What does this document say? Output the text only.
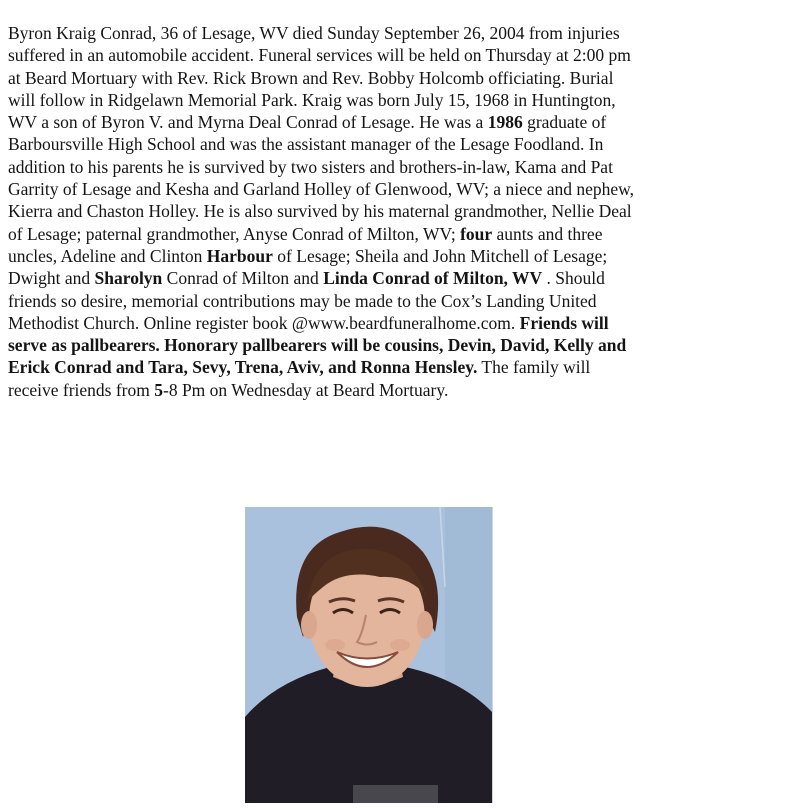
Byron Kraig Conrad, 36 of Lesage, WV died Sunday September 26, 2004 from injuries
suffered in an automobile accident. Funeral services will be held on Thursday at 2:00 pm
at Beard Mortuary with Rev. Rick Brown and Rev. Bobby Holcomb officiating. Burial
will follow in Ridgelawn Memorial Park. Kraig was born July 15, 1968 in Huntington,
WV a son of Byron V. and Myrna Deal Conrad of Lesage. He was a 1986 graduate of
Barboursville High School and was the assistant manager of the Lesage Foodland. In
addition to his parents he is survived by two sisters and brothers-in-law, Kama and Pat
Garrity of Lesage and Kesha and Garland Holley of Glenwood, WV; a niece and nephew,
Kierra and Chaston Holley. He is also survived by his maternal grandmother, Nellie Deal
of Lesage; paternal grandmother, Anyse Conrad of Milton, WV; four aunts and three
uncles, Adeline and Clinton Harbour of Lesage; Sheila and John Mitchell of Lesage;
Dwight and Sharolyn Conrad of Milton and Linda Conrad of Milton, WV . Should
friends so desire, memorial contributions may be made to the Cox’s Landing United
Methodist Church. Online register book @www.beardfuneralhome.com. Friends will
serve as pallbearers. Honorary pallbearers will be cousins, Devin, David, Kelly and
Erick Conrad and Tara, Sevy, Trena, Aviv, and Ronna Hensley. The family will
receive friends from 5-8 Pm on Wednesday at Beard Mortuary.
